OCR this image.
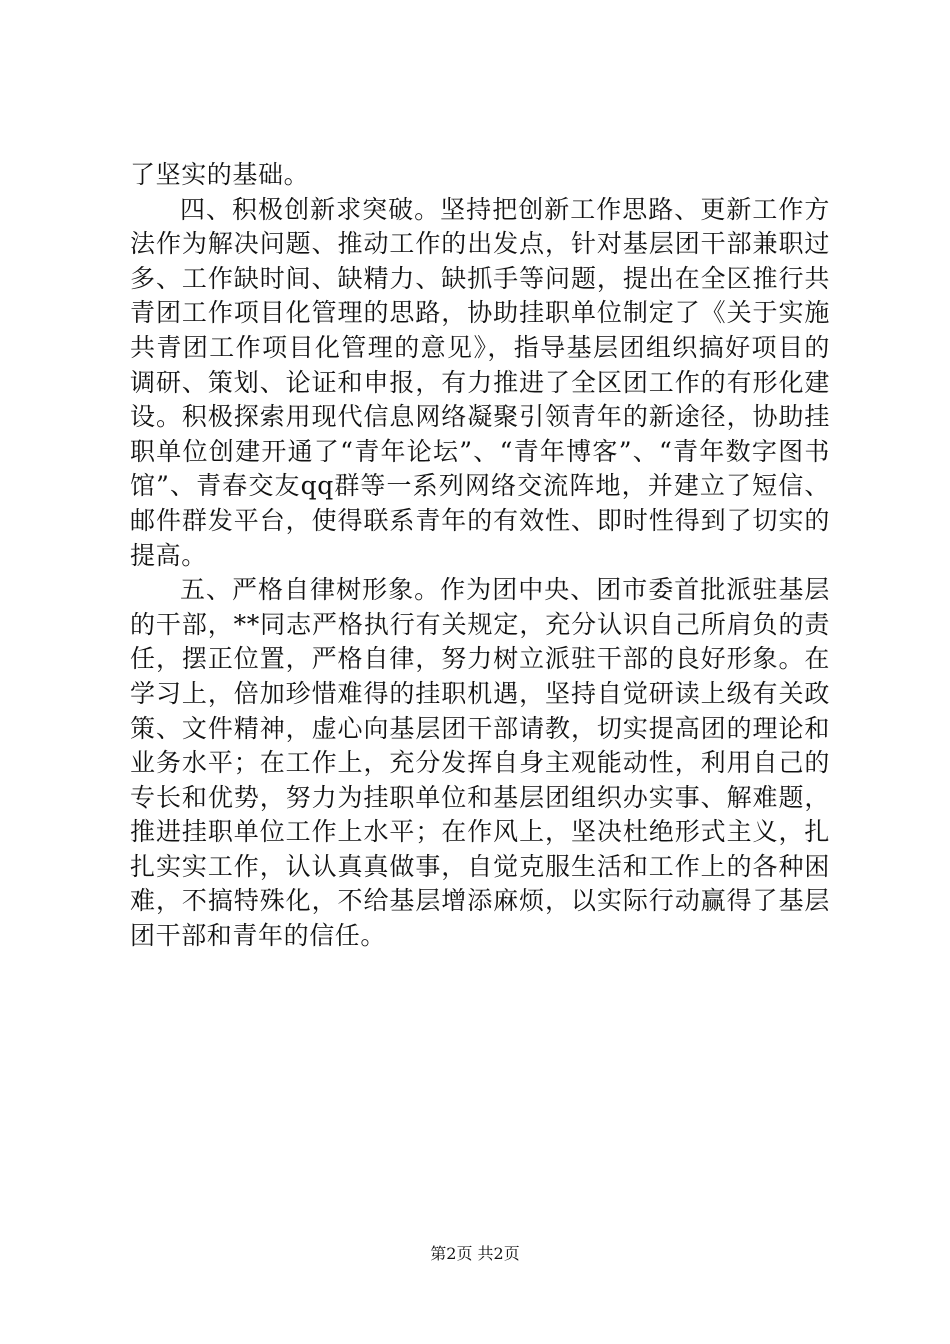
了坚实的基础。

四、积极创新求突破。坚持把创新工作思路、更新工作方法作为解决问题、推动工作的出发点，针对基层团干部兼职过多、工作缺时间、缺精力、缺抓手等问题，提出在全区推行共青团工作项目化管理的思路，协助挂职单位制定了《关于实施共青团工作项目化管理的意见》，指导基层团组织搞好项目的调研、策划、论证和申报，有力推进了全区团工作的有形化建设。积极探索用现代信息网络凝聚引领青年的新途径，协助挂职单位创建开通了“青年论坛”、“青年博客”、“青年数字图书馆”、青春交友qq群等一系列网络交流阵地，并建立了短信、邮件群发平台，使得联系青年的有效性、即时性得到了切实的提高。

五、严格自律树形象。作为团中央、团市委首批派驻基层的干部，**同志严格执行有关规定，充分认识自己所肩负的责任，摆正位置，严格自律，努力树立派驻干部的良好形象。在学习上，倍加珍惜难得的挂职机遇，坚持自觉研读上级有关政策、文件精神，虚心向基层团干部请教，切实提高团的理论和业务水平；在工作上，充分发挥自身主观能动性，利用自己的专长和优势，努力为挂职单位和基层团组织办实事、解难题，推进挂职单位工作上水平；在作风上，坚决杜绝形式主义，扎扎实实工作，认认真真做事，自觉克服生活和工作上的各种困难，不搞特殊化，不给基层增添麻烦，以实际行动赢得了基层团干部和青年的信任。

第2页 共2页
